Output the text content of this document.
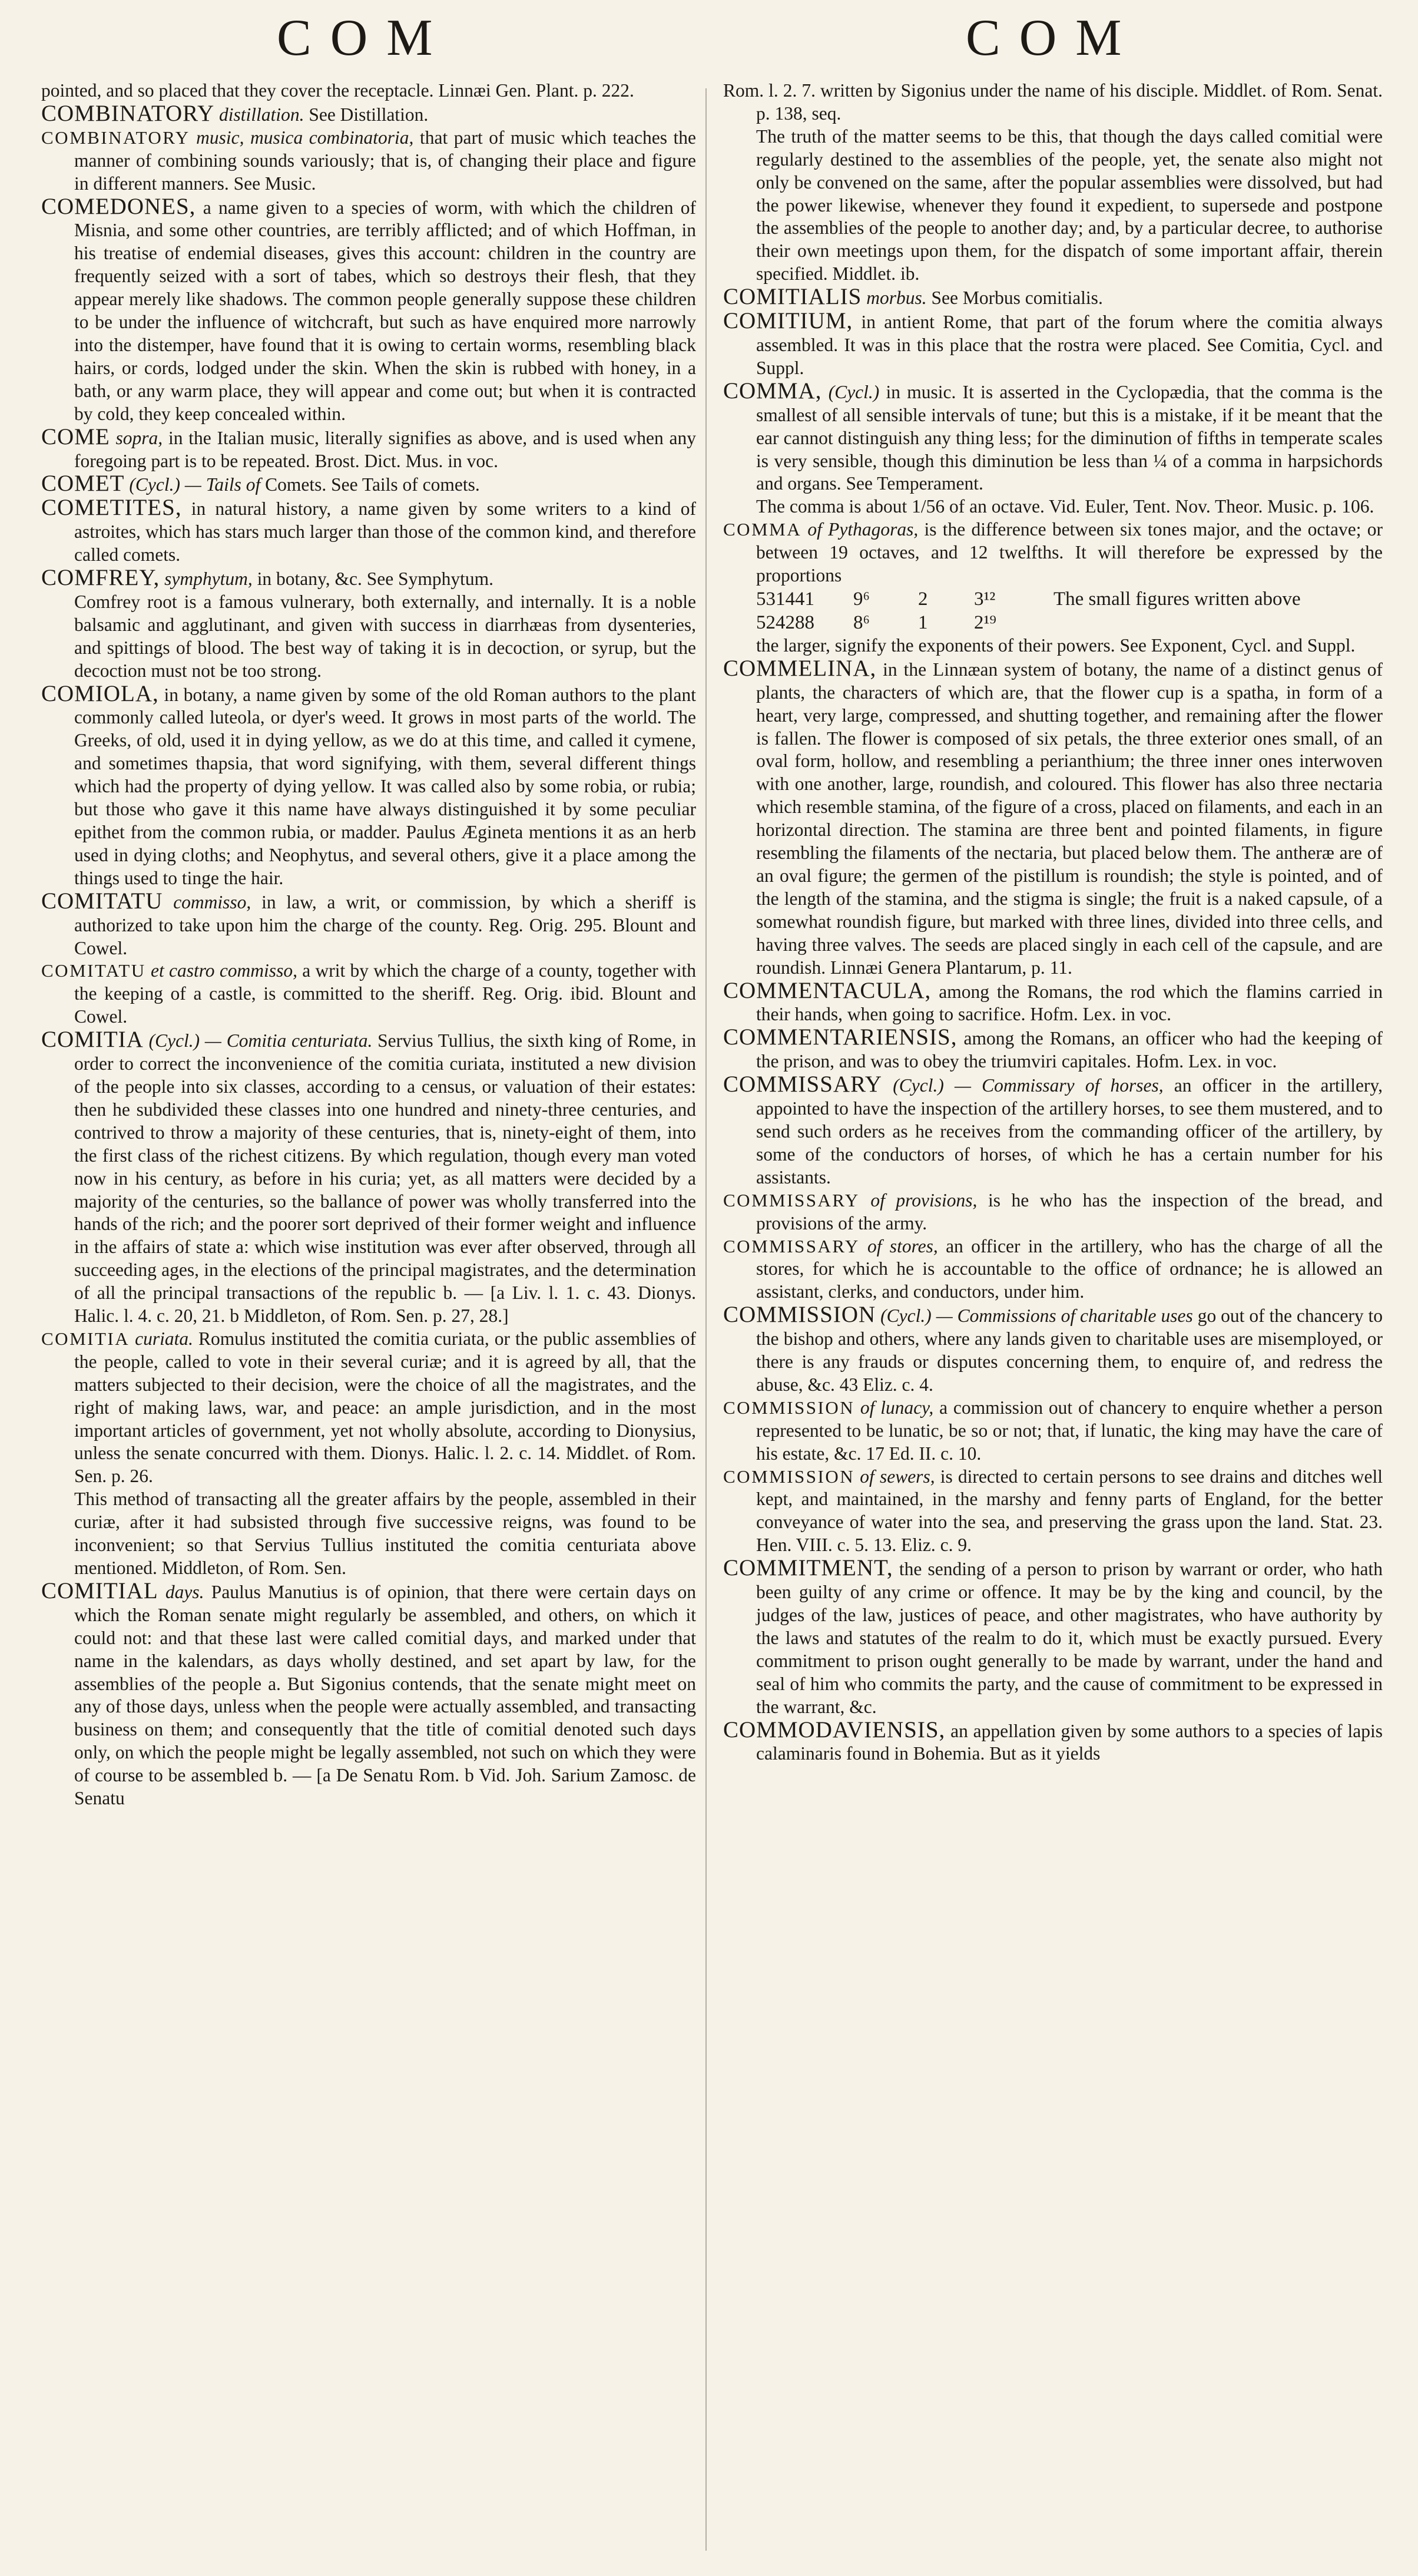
COM	COM

pointed, and so placed that they cover the receptacle. Linnæi Gen. Plant. p. 222.

COMBINATORY distillation. See Distillation.

COMBINATORY music, musica combinatoria, that part of music which teaches the manner of combining sounds variously; that is, of changing their place and figure in different manners. See Music.

COMEDONES, a name given to a species of worm, with which the children of Misnia, and some other countries, are terribly afflicted; and of which Hoffman, in his treatise of endemial diseases, gives this account: children in the country are frequently seized with a sort of tabes, which so destroys their flesh, that they appear merely like shadows. The common people generally suppose these children to be under the influence of witchcraft, but such as have enquired more narrowly into the distemper, have found that it is owing to certain worms, resembling black hairs, or cords, lodged under the skin. When the skin is rubbed with honey, in a bath, or any warm place, they will appear and come out; but when it is contracted by cold, they keep concealed within.

COME sopra, in the Italian music, literally signifies as above, and is used when any foregoing part is to be repeated. Brost. Dict. Mus. in voc.

COMET (Cycl.) — Tails of Comets. See Tails of comets.

COMETITES, in natural history, a name given by some writers to a kind of astroites, which has stars much larger than those of the common kind, and therefore called comets.

COMFREY, symphytum, in botany, &c. See Symphytum.

Comfrey root is a famous vulnerary, both externally, and internally. It is a noble balsamic and agglutinant, and given with success in diarrhæas from dysenteries, and spittings of blood. The best way of taking it is in decoction, or syrup, but the decoction must not be too strong.

COMIOLA, in botany, a name given by some of the old Roman authors to the plant commonly called luteola, or dyer's weed. It grows in most parts of the world. The Greeks, of old, used it in dying yellow, as we do at this time, and called it cymene, and sometimes thapsia, that word signifying, with them, several different things which had the property of dying yellow. It was called also by some robia, or rubia; but those who gave it this name have always distinguished it by some peculiar epithet from the common rubia, or madder. Paulus Ægineta mentions it as an herb used in dying cloths; and Neophytus, and several others, give it a place among the things used to tinge the hair.

COMITATU commisso, in law, a writ, or commission, by which a sheriff is authorized to take upon him the charge of the county. Reg. Orig. 295. Blount and Cowel.

COMITATU et castro commisso, a writ by which the charge of a county, together with the keeping of a castle, is committed to the sheriff. Reg. Orig. ibid. Blount and Cowel.

COMITIA (Cycl.) — Comitia centuriata. Servius Tullius, the sixth king of Rome, in order to correct the inconvenience of the comitia curiata, instituted a new division of the people into six classes, according to a census, or valuation of their estates: then he subdivided these classes into one hundred and ninety-three centuries, and contrived to throw a majority of these centuries, that is, ninety-eight of them, into the first class of the richest citizens. By which regulation, though every man voted now in his century, as before in his curia; yet, as all matters were decided by a majority of the centuries, so the ballance of power was wholly transferred into the hands of the rich; and the poorer sort deprived of their former weight and influence in the affairs of state a: which wise institution was ever after observed, through all succeeding ages, in the elections of the principal magistrates, and the determination of all the principal transactions of the republic b. — [a Liv. l. 1. c. 43. Dionys. Halic. l. 4. c. 20, 21. b Middleton, of Rom. Sen. p. 27, 28.]

COMITIA curiata. Romulus instituted the comitia curiata, or the public assemblies of the people, called to vote in their several curiæ; and it is agreed by all, that the matters subjected to their decision, were the choice of all the magistrates, and the right of making laws, war, and peace: an ample jurisdiction, and in the most important articles of government, yet not wholly absolute, according to Dionysius, unless the senate concurred with them. Dionys. Halic. l. 2. c. 14. Middlet. of Rom. Sen. p. 26.

This method of transacting all the greater affairs by the people, assembled in their curiæ, after it had subsisted through five successive reigns, was found to be inconvenient; so that Servius Tullius instituted the comitia centuriata above mentioned. Middleton, of Rom. Sen.

COMITIAL days. Paulus Manutius is of opinion, that there were certain days on which the Roman senate might regularly be assembled, and others, on which it could not: and that these last were called comitial days, and marked under that name in the kalendars, as days wholly destined, and set apart by law, for the assemblies of the people a. But Sigonius contends, that the senate might meet on any of those days, unless when the people were actually assembled, and transacting business on them; and consequently that the title of comitial denoted such days only, on which the people might be legally assembled, not such on which they were of course to be assembled b. — [a De Senatu Rom. b Vid. Joh. Sarium Zamosc. de Senatu

Rom. l. 2. 7. written by Sigonius under the name of his disciple. Middlet. of Rom. Senat. p. 138, seq.

The truth of the matter seems to be this, that though the days called comitial were regularly destined to the assemblies of the people, yet, the senate also might not only be convened on the same, after the popular assemblies were dissolved, but had the power likewise, whenever they found it expedient, to supersede and postpone the assemblies of the people to another day; and, by a particular decree, to authorise their own meetings upon them, for the dispatch of some important affair, therein specified. Middlet. ib.

COMITIALIS morbus. See Morbus comitialis.

COMITIUM, in antient Rome, that part of the forum where the comitia always assembled. It was in this place that the rostra were placed. See Comitia, Cycl. and Suppl.

COMMA, (Cycl.) in music. It is asserted in the Cyclopædia, that the comma is the smallest of all sensible intervals of tune; but this is a mistake, if it be meant that the ear cannot distinguish any thing less; for the diminution of fifths in temperate scales is very sensible, though this diminution be less than ¼ of a comma in harpsichords and organs. See Temperament.

The comma is about 1/56 of an octave. Vid. Euler, Tent. Nov. Theor. Music. p. 106.

COMMA of Pythagoras, is the difference between six tones major, and the octave; or between 19 octaves, and 12 twelfths. It will therefore be expressed by the proportions

531441	9⁶	2	3¹²	The small figures written above
524288	8⁶	1	2¹⁹

the larger, signify the exponents of their powers. See Exponent, Cycl. and Suppl.

COMMELINA, in the Linnæan system of botany, the name of a distinct genus of plants, the characters of which are, that the flower cup is a spatha, in form of a heart, very large, compressed, and shutting together, and remaining after the flower is fallen. The flower is composed of six petals, the three exterior ones small, of an oval form, hollow, and resembling a perianthium; the three inner ones interwoven with one another, large, roundish, and coloured. This flower has also three nectaria which resemble stamina, of the figure of a cross, placed on filaments, and each in an horizontal direction. The stamina are three bent and pointed filaments, in figure resembling the filaments of the nectaria, but placed below them. The antheræ are of an oval figure; the germen of the pistillum is roundish; the style is pointed, and of the length of the stamina, and the stigma is single; the fruit is a naked capsule, of a somewhat roundish figure, but marked with three lines, divided into three cells, and having three valves. The seeds are placed singly in each cell of the capsule, and are roundish. Linnæi Genera Plantarum, p. 11.

COMMENTACULA, among the Romans, the rod which the flamins carried in their hands, when going to sacrifice. Hofm. Lex. in voc.

COMMENTARIENSIS, among the Romans, an officer who had the keeping of the prison, and was to obey the triumviri capitales. Hofm. Lex. in voc.

COMMISSARY (Cycl.) — Commissary of horses, an officer in the artillery, appointed to have the inspection of the artillery horses, to see them mustered, and to send such orders as he receives from the commanding officer of the artillery, by some of the conductors of horses, of which he has a certain number for his assistants.

COMMISSARY of provisions, is he who has the inspection of the bread, and provisions of the army.

COMMISSARY of stores, an officer in the artillery, who has the charge of all the stores, for which he is accountable to the office of ordnance; he is allowed an assistant, clerks, and conductors, under him.

COMMISSION (Cycl.) — Commissions of charitable uses go out of the chancery to the bishop and others, where any lands given to charitable uses are misemployed, or there is any frauds or disputes concerning them, to enquire of, and redress the abuse, &c. 43 Eliz. c. 4.

COMMISSION of lunacy, a commission out of chancery to enquire whether a person represented to be lunatic, be so or not; that, if lunatic, the king may have the care of his estate, &c. 17 Ed. II. c. 10.

COMMISSION of sewers, is directed to certain persons to see drains and ditches well kept, and maintained, in the marshy and fenny parts of England, for the better conveyance of water into the sea, and preserving the grass upon the land. Stat. 23. Hen. VIII. c. 5. 13. Eliz. c. 9.

COMMITMENT, the sending of a person to prison by warrant or order, who hath been guilty of any crime or offence. It may be by the king and council, by the judges of the law, justices of peace, and other magistrates, who have authority by the laws and statutes of the realm to do it, which must be exactly pursued. Every commitment to prison ought generally to be made by warrant, under the hand and seal of him who commits the party, and the cause of commitment to be expressed in the warrant, &c.

COMMODAVIENSIS, an appellation given by some authors to a species of lapis calaminaris found in Bohemia. But as it yields
